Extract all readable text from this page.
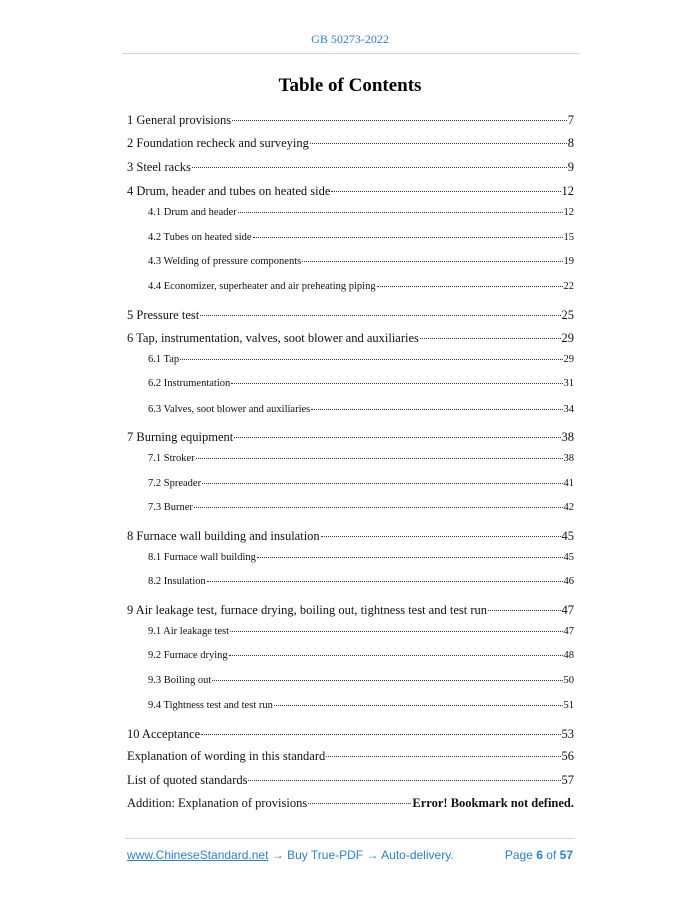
GB 50273-2022
Table of Contents
1 General provisions	7
2 Foundation recheck and surveying	8
3 Steel racks	9
4 Drum, header and tubes on heated side	12
4.1 Drum and header	12
4.2 Tubes on heated side	15
4.3 Welding of pressure components	19
4.4 Economizer, superheater and air preheating piping	22
5 Pressure test	25
6 Tap, instrumentation, valves, soot blower and auxiliaries	29
6.1 Tap	29
6.2 Instrumentation	31
6.3 Valves, soot blower and auxiliaries	34
7 Burning equipment	38
7.1 Stroker	38
7.2 Spreader	41
7.3 Burner	42
8 Furnace wall building and insulation	45
8.1 Furnace wall building	45
8.2 Insulation	46
9 Air leakage test, furnace drying, boiling out, tightness test and test run	47
9.1 Air leakage test	47
9.2 Furnace drying	48
9.3 Boiling out	50
9.4 Tightness test and test run	51
10 Acceptance	53
Explanation of wording in this standard	56
List of quoted standards	57
Addition: Explanation of provisions	Error! Bookmark not defined.
www.ChineseStandard.net → Buy True-PDF → Auto-delivery.	Page 6 of 57
